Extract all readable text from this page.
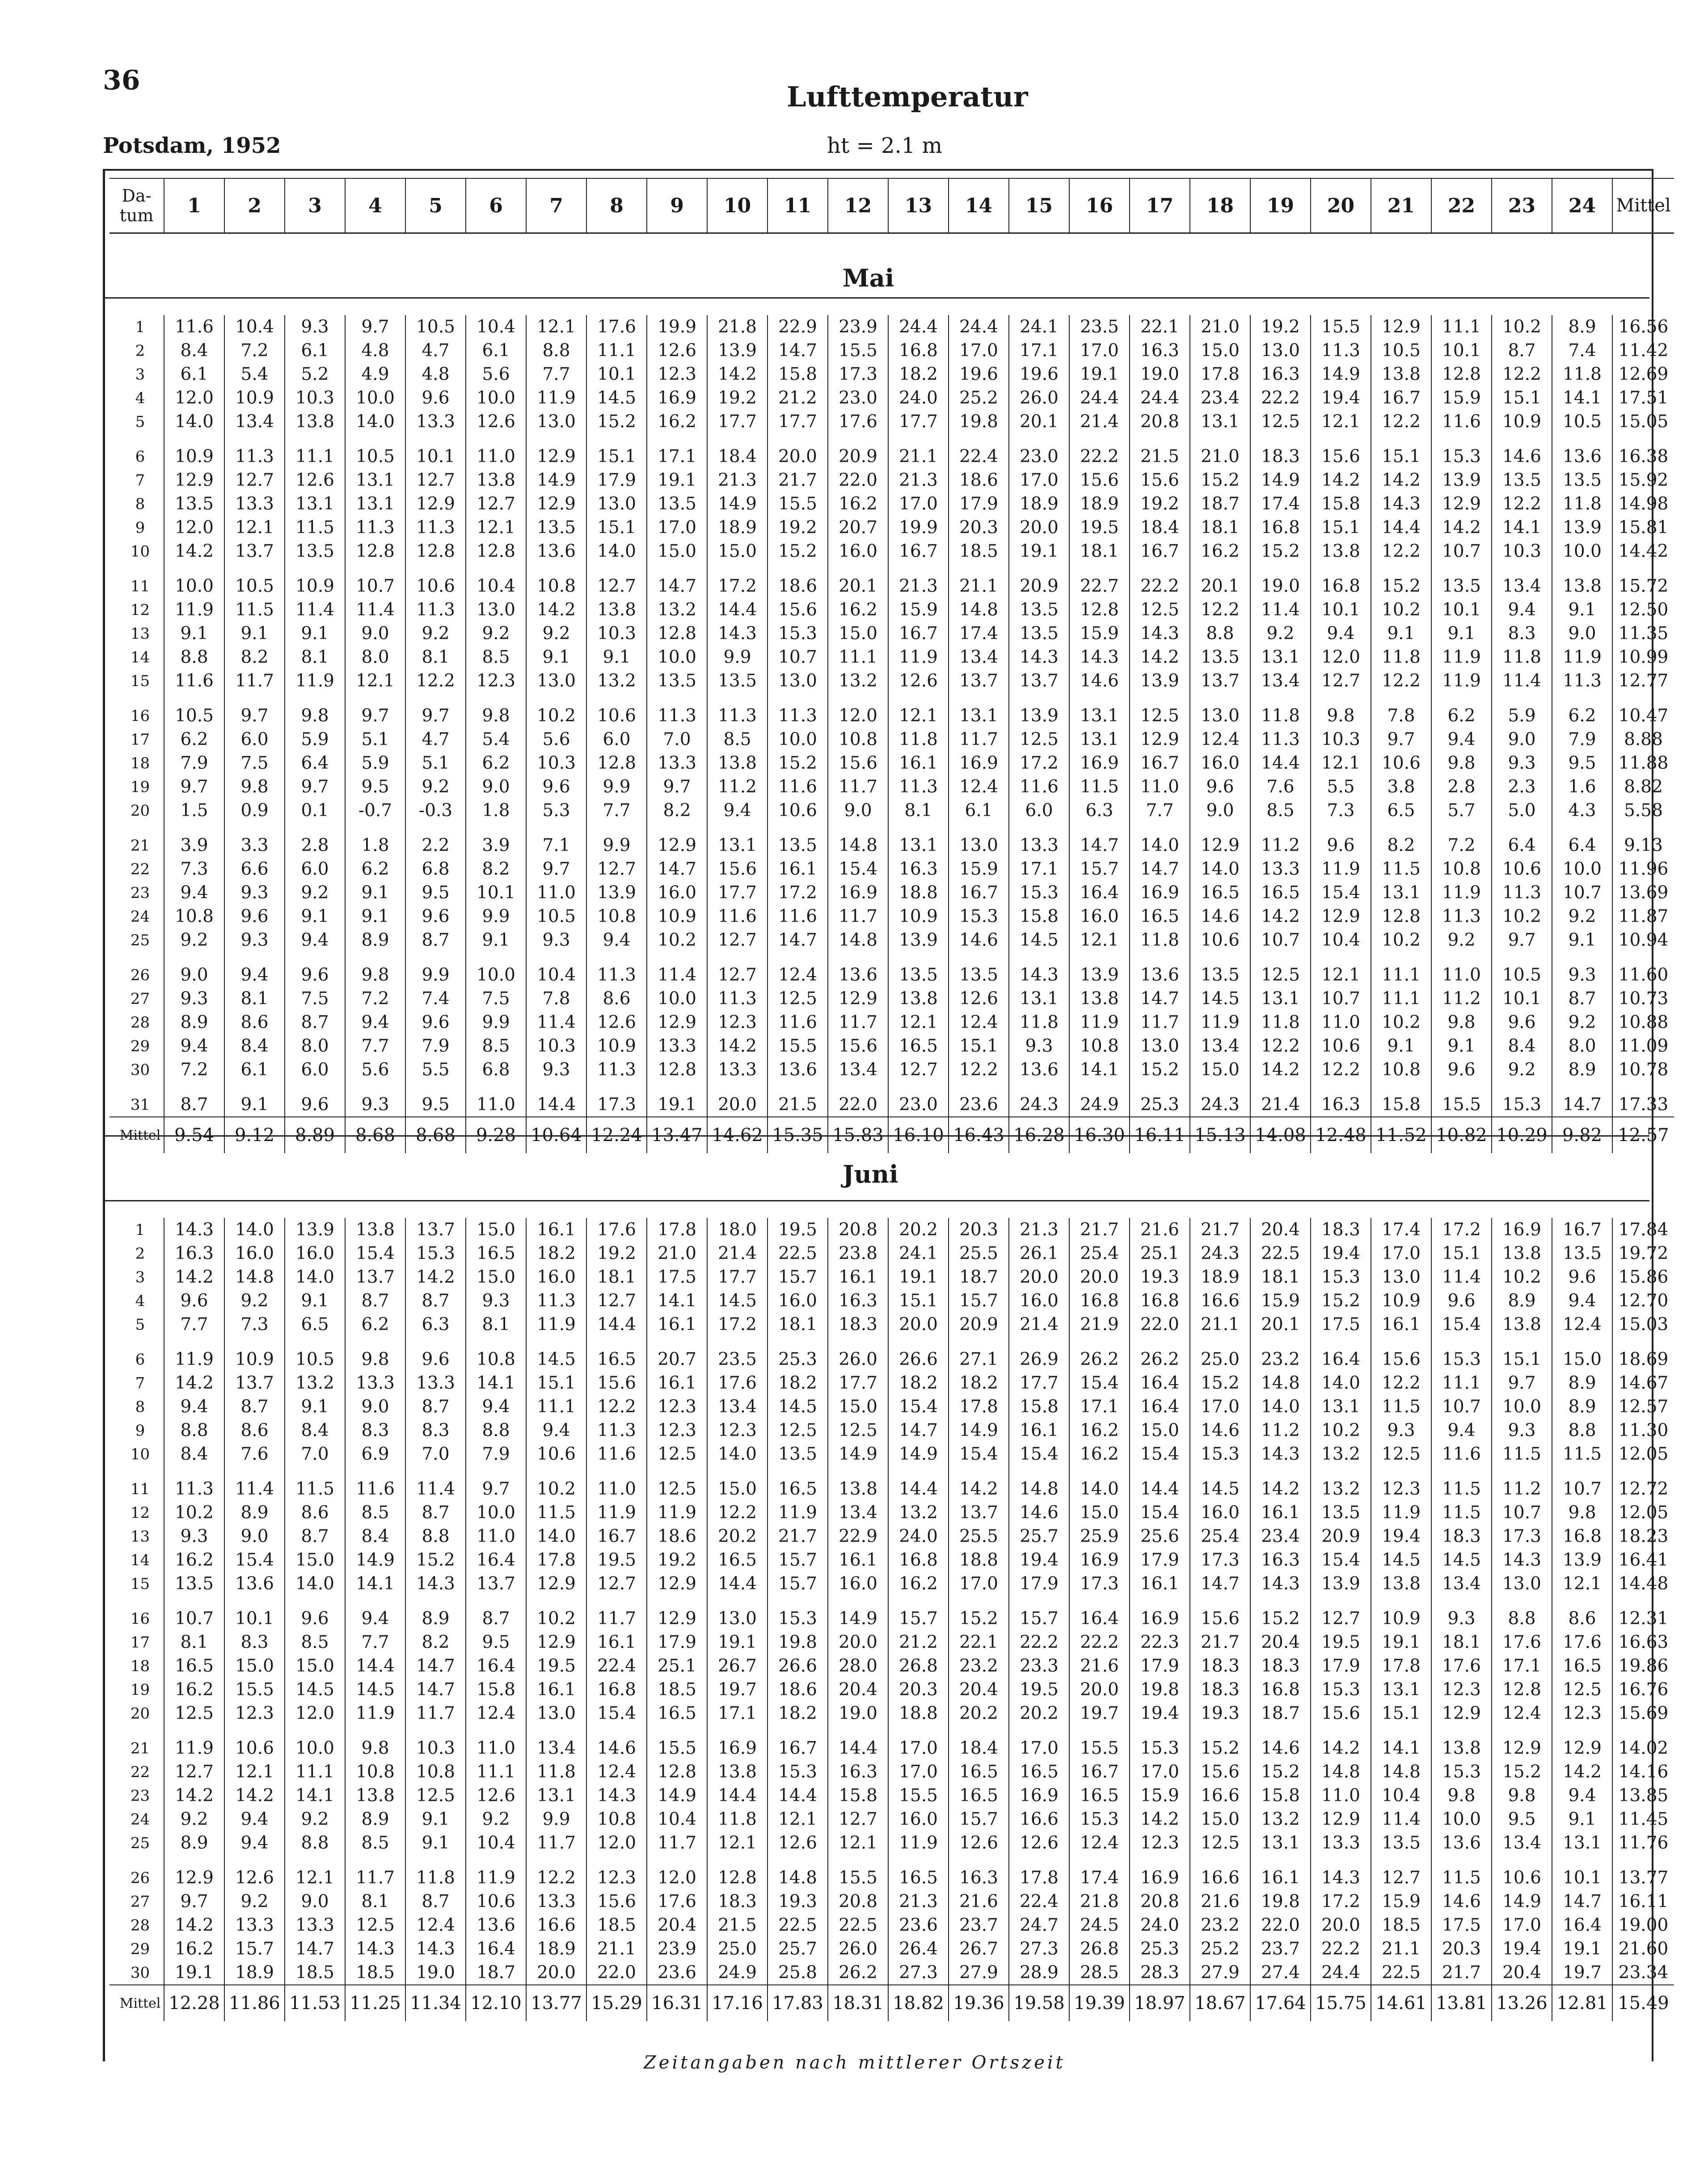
36	Lufttemperatur
Potsdam, 1952	ht = 2.1 m
Da-tum	1	2	3	4	5	6	7	8	9	10	11	12	13	14	15	16	17	18	19	20	21	22	23	24	Mittel
Mai
1	11.6	10.4	9.3	9.7	10.5	10.4	12.1	17.6	19.9	21.8	22.9	23.9	24.4	24.4	24.1	23.5	22.1	21.0	19.2	15.5	12.9	11.1	10.2	8.9	16.56
2	8.4	7.2	6.1	4.8	4.7	6.1	8.8	11.1	12.6	13.9	14.7	15.5	16.8	17.0	17.1	17.0	16.3	15.0	13.0	11.3	10.5	10.1	8.7	7.4	11.42
3	6.1	5.4	5.2	4.9	4.8	5.6	7.7	10.1	12.3	14.2	15.8	17.3	18.2	19.6	19.6	19.1	19.0	17.8	16.3	14.9	13.8	12.8	12.2	11.8	12.69
4	12.0	10.9	10.3	10.0	9.6	10.0	11.9	14.5	16.9	19.2	21.2	23.0	24.0	25.2	26.0	24.4	24.4	23.4	22.2	19.4	16.7	15.9	15.1	14.1	17.51
5	14.0	13.4	13.8	14.0	13.3	12.6	13.0	15.2	16.2	17.7	17.7	17.6	17.7	19.8	20.1	21.4	20.8	13.1	12.5	12.1	12.2	11.6	10.9	10.5	15.05
6	10.9	11.3	11.1	10.5	10.1	11.0	12.9	15.1	17.1	18.4	20.0	20.9	21.1	22.4	23.0	22.2	21.5	21.0	18.3	15.6	15.1	15.3	14.6	13.6	16.38
7	12.9	12.7	12.6	13.1	12.7	13.8	14.9	17.9	19.1	21.3	21.7	22.0	21.3	18.6	17.0	15.6	15.6	15.2	14.9	14.2	14.2	13.9	13.5	13.5	15.92
8	13.5	13.3	13.1	13.1	12.9	12.7	12.9	13.0	13.5	14.9	15.5	16.2	17.0	17.9	18.9	18.9	19.2	18.7	17.4	15.8	14.3	12.9	12.2	11.8	14.98
9	12.0	12.1	11.5	11.3	11.3	12.1	13.5	15.1	17.0	18.9	19.2	20.7	19.9	20.3	20.0	19.5	18.4	18.1	16.8	15.1	14.4	14.2	14.1	13.9	15.81
10	14.2	13.7	13.5	12.8	12.8	12.8	13.6	14.0	15.0	15.0	15.2	16.0	16.7	18.5	19.1	18.1	16.7	16.2	15.2	13.8	12.2	10.7	10.3	10.0	14.42
11	10.0	10.5	10.9	10.7	10.6	10.4	10.8	12.7	14.7	17.2	18.6	20.1	21.3	21.1	20.9	22.7	22.2	20.1	19.0	16.8	15.2	13.5	13.4	13.8	15.72
12	11.9	11.5	11.4	11.4	11.3	13.0	14.2	13.8	13.2	14.4	15.6	16.2	15.9	14.8	13.5	12.8	12.5	12.2	11.4	10.1	10.2	10.1	9.4	9.1	12.50
13	9.1	9.1	9.1	9.0	9.2	9.2	9.2	10.3	12.8	14.3	15.3	15.0	16.7	17.4	13.5	15.9	14.3	8.8	9.2	9.4	9.1	9.1	8.3	9.0	11.35
14	8.8	8.2	8.1	8.0	8.1	8.5	9.1	9.1	10.0	9.9	10.7	11.1	11.9	13.4	14.3	14.3	14.2	13.5	13.1	12.0	11.8	11.9	11.8	11.9	10.99
15	11.6	11.7	11.9	12.1	12.2	12.3	13.0	13.2	13.5	13.5	13.0	13.2	12.6	13.7	13.7	14.6	13.9	13.7	13.4	12.7	12.2	11.9	11.4	11.3	12.77
16	10.5	9.7	9.8	9.7	9.7	9.8	10.2	10.6	11.3	11.3	11.3	12.0	12.1	13.1	13.9	13.1	12.5	13.0	11.8	9.8	7.8	6.2	5.9	6.2	10.47
17	6.2	6.0	5.9	5.1	4.7	5.4	5.6	6.0	7.0	8.5	10.0	10.8	11.8	11.7	12.5	13.1	12.9	12.4	11.3	10.3	9.7	9.4	9.0	7.9	8.88
18	7.9	7.5	6.4	5.9	5.1	6.2	10.3	12.8	13.3	13.8	15.2	15.6	16.1	16.9	17.2	16.9	16.7	16.0	14.4	12.1	10.6	9.8	9.3	9.5	11.88
19	9.7	9.8	9.7	9.5	9.2	9.0	9.6	9.9	9.7	11.2	11.6	11.7	11.3	12.4	11.6	11.5	11.0	9.6	7.6	5.5	3.8	2.8	2.3	1.6	8.82
20	1.5	0.9	0.1	-0.7	-0.3	1.8	5.3	7.7	8.2	9.4	10.6	9.0	8.1	6.1	6.0	6.3	7.7	9.0	8.5	7.3	6.5	5.7	5.0	4.3	5.58
21	3.9	3.3	2.8	1.8	2.2	3.9	7.1	9.9	12.9	13.1	13.5	14.8	13.1	13.0	13.3	14.7	14.0	12.9	11.2	9.6	8.2	7.2	6.4	6.4	9.13
22	7.3	6.6	6.0	6.2	6.8	8.2	9.7	12.7	14.7	15.6	16.1	15.4	16.3	15.9	17.1	15.7	14.7	14.0	13.3	11.9	11.5	10.8	10.6	10.0	11.96
23	9.4	9.3	9.2	9.1	9.5	10.1	11.0	13.9	16.0	17.7	17.2	16.9	18.8	16.7	15.3	16.4	16.9	16.5	16.5	15.4	13.1	11.9	11.3	10.7	13.69
24	10.8	9.6	9.1	9.1	9.6	9.9	10.5	10.8	10.9	11.6	11.6	11.7	10.9	15.3	15.8	16.0	16.5	14.6	14.2	12.9	12.8	11.3	10.2	9.2	11.87
25	9.2	9.3	9.4	8.9	8.7	9.1	9.3	9.4	10.2	12.7	14.7	14.8	13.9	14.6	14.5	12.1	11.8	10.6	10.7	10.4	10.2	9.2	9.7	9.1	10.94
26	9.0	9.4	9.6	9.8	9.9	10.0	10.4	11.3	11.4	12.7	12.4	13.6	13.5	13.5	14.3	13.9	13.6	13.5	12.5	12.1	11.1	11.0	10.5	9.3	11.60
27	9.3	8.1	7.5	7.2	7.4	7.5	7.8	8.6	10.0	11.3	12.5	12.9	13.8	12.6	13.1	13.8	14.7	14.5	13.1	10.7	11.1	11.2	10.1	8.7	10.73
28	8.9	8.6	8.7	9.4	9.6	9.9	11.4	12.6	12.9	12.3	11.6	11.7	12.1	12.4	11.8	11.9	11.7	11.9	11.8	11.0	10.2	9.8	9.6	9.2	10.88
29	9.4	8.4	8.0	7.7	7.9	8.5	10.3	10.9	13.3	14.2	15.5	15.6	16.5	15.1	9.3	10.8	13.0	13.4	12.2	10.6	9.1	9.1	8.4	8.0	11.09
30	7.2	6.1	6.0	5.6	5.5	6.8	9.3	11.3	12.8	13.3	13.6	13.4	12.7	12.2	13.6	14.1	15.2	15.0	14.2	12.2	10.8	9.6	9.2	8.9	10.78
31	8.7	9.1	9.6	9.3	9.5	11.0	14.4	17.3	19.1	20.0	21.5	22.0	23.0	23.6	24.3	24.9	25.3	24.3	21.4	16.3	15.8	15.5	15.3	14.7	17.33
Mittel	9.54	9.12	8.89	8.68	8.68	9.28	10.64	12.24	13.47	14.62	15.35	15.83	16.10	16.43	16.28	16.30	16.11	15.13	14.08	12.48	11.52	10.82	10.29	9.82	12.57
Juni
1	14.3	14.0	13.9	13.8	13.7	15.0	16.1	17.6	17.8	18.0	19.5	20.8	20.2	20.3	21.3	21.7	21.6	21.7	20.4	18.3	17.4	17.2	16.9	16.7	17.84
2	16.3	16.0	16.0	15.4	15.3	16.5	18.2	19.2	21.0	21.4	22.5	23.8	24.1	25.5	26.1	25.4	25.1	24.3	22.5	19.4	17.0	15.1	13.8	13.5	19.72
3	14.2	14.8	14.0	13.7	14.2	15.0	16.0	18.1	17.5	17.7	15.7	16.1	19.1	18.7	20.0	20.0	19.3	18.9	18.1	15.3	13.0	11.4	10.2	9.6	15.86
4	9.6	9.2	9.1	8.7	8.7	9.3	11.3	12.7	14.1	14.5	16.0	16.3	15.1	15.7	16.0	16.8	16.8	16.6	15.9	15.2	10.9	9.6	8.9	9.4	12.70
5	7.7	7.3	6.5	6.2	6.3	8.1	11.9	14.4	16.1	17.2	18.1	18.3	20.0	20.9	21.4	21.9	22.0	21.1	20.1	17.5	16.1	15.4	13.8	12.4	15.03
6	11.9	10.9	10.5	9.8	9.6	10.8	14.5	16.5	20.7	23.5	25.3	26.0	26.6	27.1	26.9	26.2	26.2	25.0	23.2	16.4	15.6	15.3	15.1	15.0	18.69
7	14.2	13.7	13.2	13.3	13.3	14.1	15.1	15.6	16.1	17.6	18.2	17.7	18.2	18.2	17.7	15.4	16.4	15.2	14.8	14.0	12.2	11.1	9.7	8.9	14.67
8	9.4	8.7	9.1	9.0	8.7	9.4	11.1	12.2	12.3	13.4	14.5	15.0	15.4	17.8	15.8	17.1	16.4	17.0	14.0	13.1	11.5	10.7	10.0	8.9	12.57
9	8.8	8.6	8.4	8.3	8.3	8.8	9.4	11.3	12.3	12.3	12.5	12.5	14.7	14.9	16.1	16.2	15.0	14.6	11.2	10.2	9.3	9.4	9.3	8.8	11.30
10	8.4	7.6	7.0	6.9	7.0	7.9	10.6	11.6	12.5	14.0	13.5	14.9	14.9	15.4	15.4	16.2	15.4	15.3	14.3	13.2	12.5	11.6	11.5	11.5	12.05
11	11.3	11.4	11.5	11.6	11.4	9.7	10.2	11.0	12.5	15.0	16.5	13.8	14.4	14.2	14.8	14.0	14.4	14.5	14.2	13.2	12.3	11.5	11.2	10.7	12.72
12	10.2	8.9	8.6	8.5	8.7	10.0	11.5	11.9	11.9	12.2	11.9	13.4	13.2	13.7	14.6	15.0	15.4	16.0	16.1	13.5	11.9	11.5	10.7	9.8	12.05
13	9.3	9.0	8.7	8.4	8.8	11.0	14.0	16.7	18.6	20.2	21.7	22.9	24.0	25.5	25.7	25.9	25.6	25.4	23.4	20.9	19.4	18.3	17.3	16.8	18.23
14	16.2	15.4	15.0	14.9	15.2	16.4	17.8	19.5	19.2	16.5	15.7	16.1	16.8	18.8	19.4	16.9	17.9	17.3	16.3	15.4	14.5	14.5	14.3	13.9	16.41
15	13.5	13.6	14.0	14.1	14.3	13.7	12.9	12.7	12.9	14.4	15.7	16.0	16.2	17.0	17.9	17.3	16.1	14.7	14.3	13.9	13.8	13.4	13.0	12.1	14.48
16	10.7	10.1	9.6	9.4	8.9	8.7	10.2	11.7	12.9	13.0	15.3	14.9	15.7	15.2	15.7	16.4	16.9	15.6	15.2	12.7	10.9	9.3	8.8	8.6	12.31
17	8.1	8.3	8.5	7.7	8.2	9.5	12.9	16.1	17.9	19.1	19.8	20.0	21.2	22.1	22.2	22.2	22.3	21.7	20.4	19.5	19.1	18.1	17.6	17.6	16.63
18	16.5	15.0	15.0	14.4	14.7	16.4	19.5	22.4	25.1	26.7	26.6	28.0	26.8	23.2	23.3	21.6	17.9	18.3	18.3	17.9	17.8	17.6	17.1	16.5	19.86
19	16.2	15.5	14.5	14.5	14.7	15.8	16.1	16.8	18.5	19.7	18.6	20.4	20.3	20.4	19.5	20.0	19.8	18.3	16.8	15.3	13.1	12.3	12.8	12.5	16.76
20	12.5	12.3	12.0	11.9	11.7	12.4	13.0	15.4	16.5	17.1	18.2	19.0	18.8	20.2	20.2	19.7	19.4	19.3	18.7	15.6	15.1	12.9	12.4	12.3	15.69
21	11.9	10.6	10.0	9.8	10.3	11.0	13.4	14.6	15.5	16.9	16.7	14.4	17.0	18.4	17.0	15.5	15.3	15.2	14.6	14.2	14.1	13.8	12.9	12.9	14.02
22	12.7	12.1	11.1	10.8	10.8	11.1	11.8	12.4	12.8	13.8	15.3	16.3	17.0	16.5	16.5	16.7	17.0	15.6	15.2	14.8	14.8	15.3	15.2	14.2	14.16
23	14.2	14.2	14.1	13.8	12.5	12.6	13.1	14.3	14.9	14.4	14.4	15.8	15.5	16.5	16.9	16.5	15.9	16.6	15.8	11.0	10.4	9.8	9.8	9.4	13.85
24	9.2	9.4	9.2	8.9	9.1	9.2	9.9	10.8	10.4	11.8	12.1	12.7	16.0	15.7	16.6	15.3	14.2	15.0	13.2	12.9	11.4	10.0	9.5	9.1	11.45
25	8.9	9.4	8.8	8.5	9.1	10.4	11.7	12.0	11.7	12.1	12.6	12.1	11.9	12.6	12.6	12.4	12.3	12.5	13.1	13.3	13.5	13.6	13.4	13.1	11.76
26	12.9	12.6	12.1	11.7	11.8	11.9	12.2	12.3	12.0	12.8	14.8	15.5	16.5	16.3	17.8	17.4	16.9	16.6	16.1	14.3	12.7	11.5	10.6	10.1	13.77
27	9.7	9.2	9.0	8.1	8.7	10.6	13.3	15.6	17.6	18.3	19.3	20.8	21.3	21.6	22.4	21.8	20.8	21.6	19.8	17.2	15.9	14.6	14.9	14.7	16.11
28	14.2	13.3	13.3	12.5	12.4	13.6	16.6	18.5	20.4	21.5	22.5	22.5	23.6	23.7	24.7	24.5	24.0	23.2	22.0	20.0	18.5	17.5	17.0	16.4	19.00
29	16.2	15.7	14.7	14.3	14.3	16.4	18.9	21.1	23.9	25.0	25.7	26.0	26.4	26.7	27.3	26.8	25.3	25.2	23.7	22.2	21.1	20.3	19.4	19.1	21.60
30	19.1	18.9	18.5	18.5	19.0	18.7	20.0	22.0	23.6	24.9	25.8	26.2	27.3	27.9	28.9	28.5	28.3	27.9	27.4	24.4	22.5	21.7	20.4	19.7	23.34
Mittel	12.28	11.86	11.53	11.25	11.34	12.10	13.77	15.29	16.31	17.16	17.83	18.31	18.82	19.36	19.58	19.39	18.97	18.67	17.64	15.75	14.61	13.81	13.26	12.81	15.49
Zeitangaben nach mittlerer Ortszeit
